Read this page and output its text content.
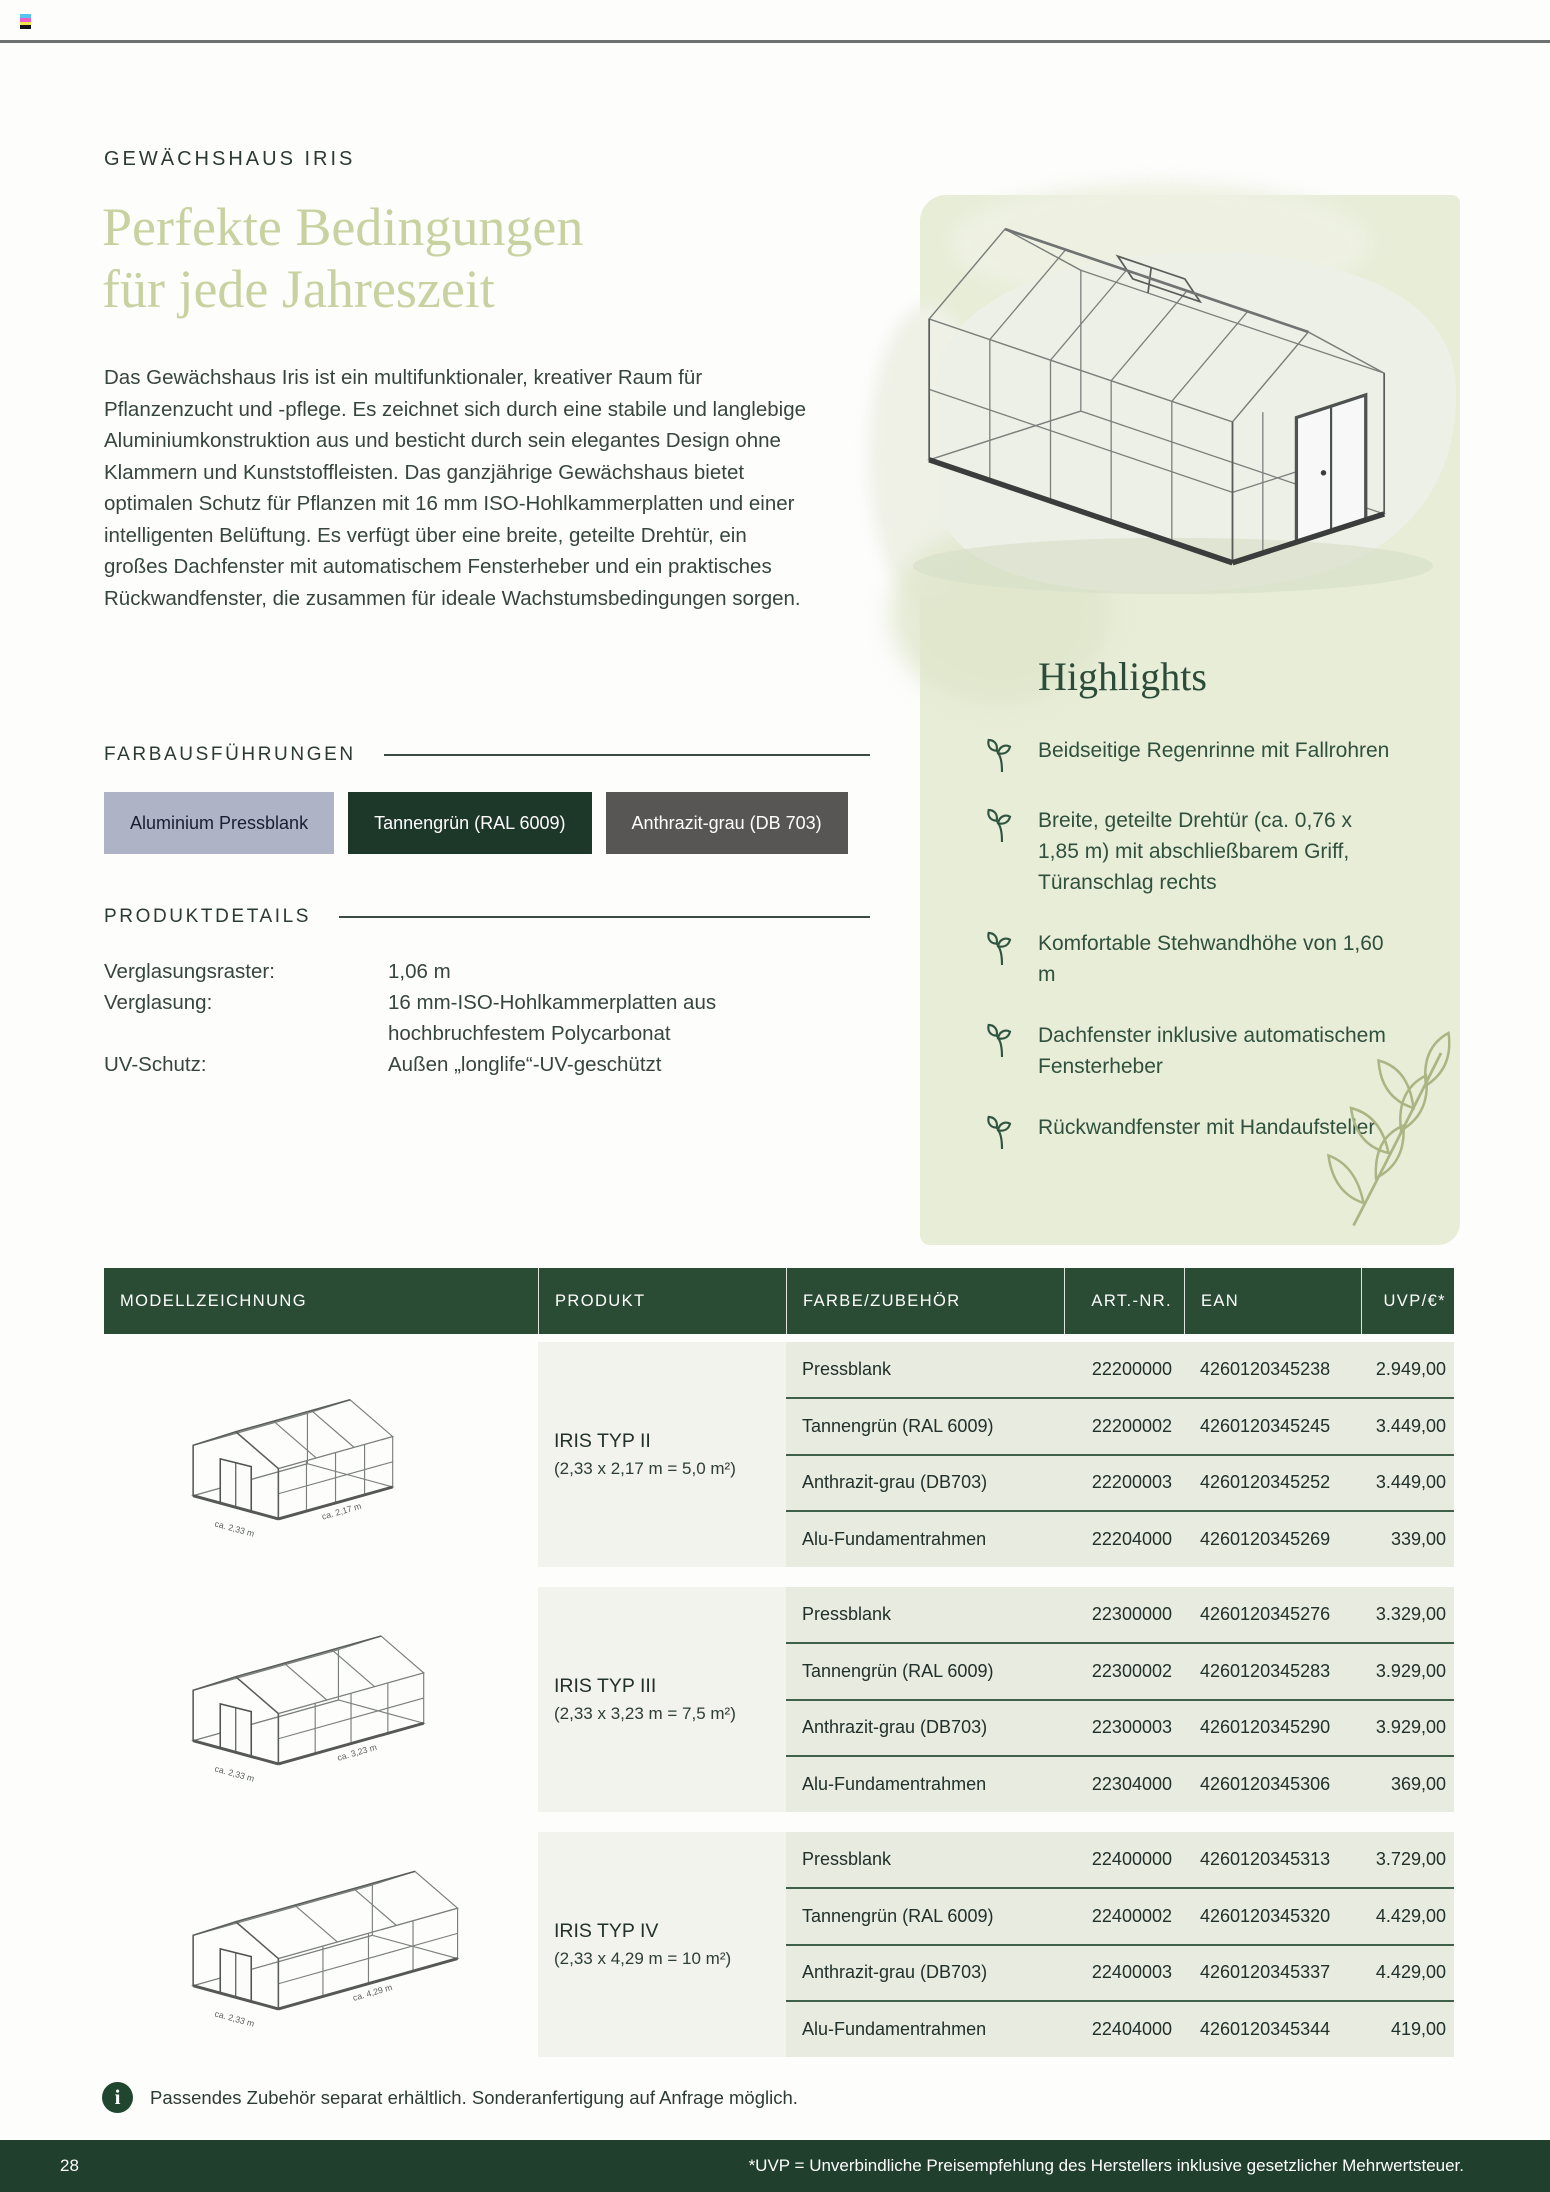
GEWÄCHSHAUS IRIS
Perfekte Bedingungen
für jede Jahreszeit
Das Gewächshaus Iris ist ein multifunktionaler, kreativer Raum für Pflanzenzucht und -pflege. Es zeichnet sich durch eine stabile und langlebige Aluminiumkonstruktion aus und besticht durch sein elegantes Design ohne Klammern und Kunststoffleisten. Das ganzjährige Gewächshaus bietet optimalen Schutz für Pflanzen mit 16 mm ISO-Hohlkammerplatten und einer intelligenten Belüftung. Es verfügt über eine breite, geteilte Drehtür, ein großes Dachfenster mit automatischem Fensterheber und ein praktisches Rückwandfenster, die zusammen für ideale Wachstumsbedingungen sorgen.
FARBAUSFÜHRUNGEN
Aluminium Pressblank	Tannengrün (RAL 6009)	Anthrazit-grau (DB 703)
PRODUKTDETAILS
Verglasungsraster:	1,06 m
Verglasung:	16 mm-ISO-Hohlkammerplatten aus hochbruchfestem Polycarbonat
UV-Schutz:	Außen „longlife“-UV-geschützt
Highlights
Beidseitige Regenrinne mit Fallrohren
Breite, geteilte Drehtür (ca. 0,76 x 1,85 m) mit abschließbarem Griff, Türanschlag rechts
Komfortable Stehwandhöhe von 1,60 m
Dachfenster inklusive automatischem Fensterheber
Rückwandfenster mit Handaufsteller
MODELLZEICHNUNG	PRODUKT	FARBE/ZUBEHÖR	ART.-NR.	EAN	UVP/€*
ca. 2,33 m
ca. 2,17 m
IRIS TYP II
(2,33 x 2,17 m = 5,0 m²)
Pressblank	22200000	4260120345238	2.949,00
Tannengrün (RAL 6009)	22200002	4260120345245	3.449,00
Anthrazit-grau (DB703)	22200003	4260120345252	3.449,00
Alu-Fundamentrahmen	22204000	4260120345269	339,00
ca. 2,33 m
ca. 3,23 m
IRIS TYP III
(2,33 x 3,23 m = 7,5 m²)
Pressblank	22300000	4260120345276	3.329,00
Tannengrün (RAL 6009)	22300002	4260120345283	3.929,00
Anthrazit-grau (DB703)	22300003	4260120345290	3.929,00
Alu-Fundamentrahmen	22304000	4260120345306	369,00
ca. 2,33 m
ca. 4,29 m
IRIS TYP IV
(2,33 x 4,29 m = 10 m²)
Pressblank	22400000	4260120345313	3.729,00
Tannengrün (RAL 6009)	22400002	4260120345320	4.429,00
Anthrazit-grau (DB703)	22400003	4260120345337	4.429,00
Alu-Fundamentrahmen	22404000	4260120345344	419,00
i	Passendes Zubehör separat erhältlich. Sonderanfertigung auf Anfrage möglich.
28	*UVP = Unverbindliche Preisempfehlung des Herstellers inklusive gesetzlicher Mehrwertsteuer.
